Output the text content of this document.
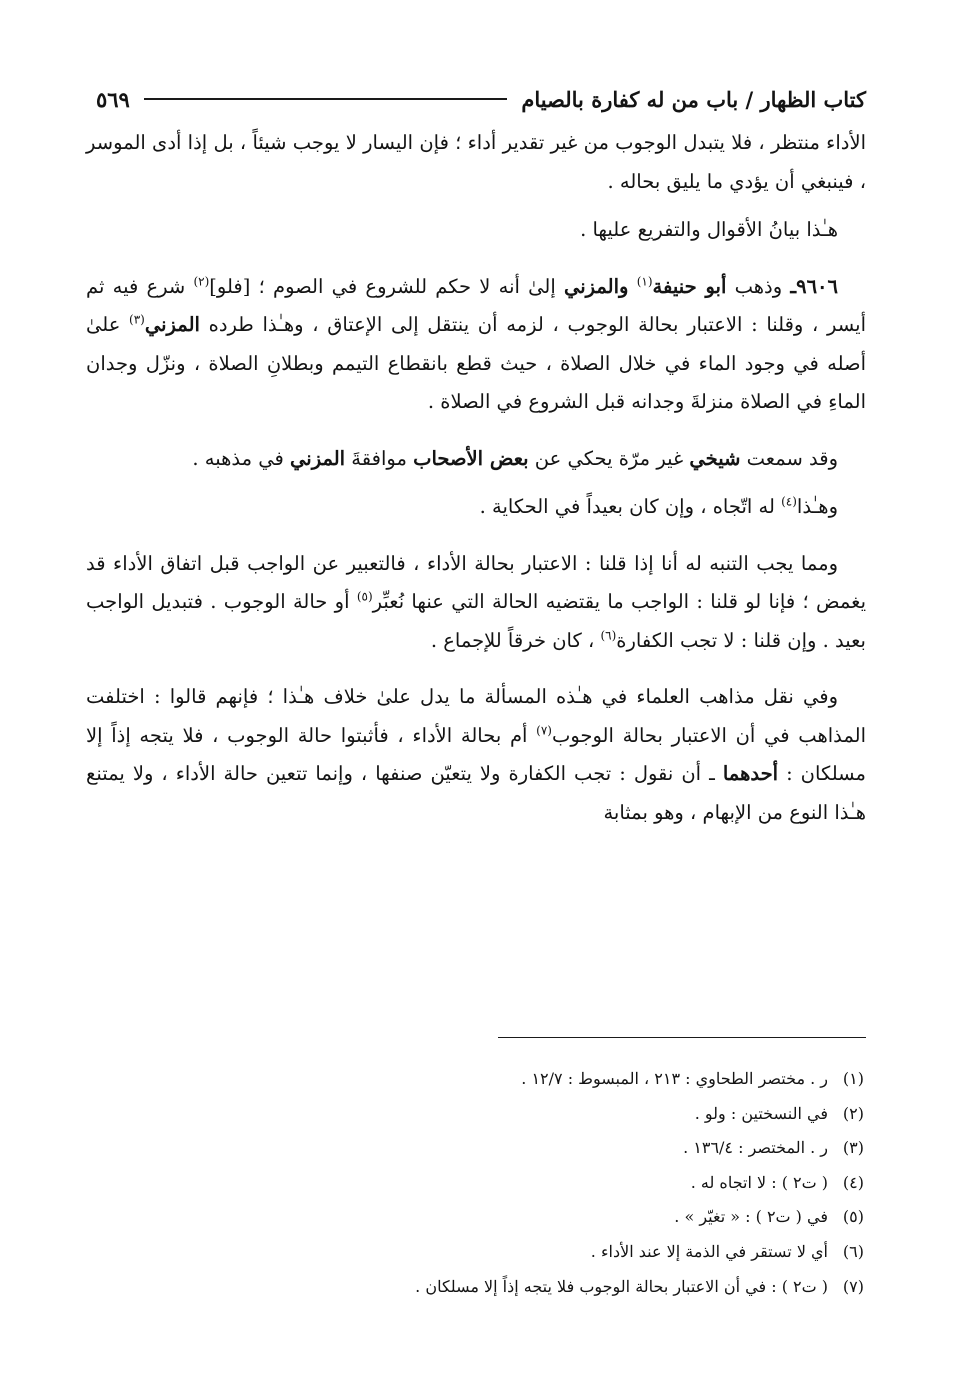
كتاب الظهار / باب من له كفارة بالصيام
٥٦٩

الأداء منتظر ، فلا يتبدل الوجوب من غير تقدير أداء ؛ فإن اليسار لا يوجب شيئاً ، بل إذا أدى الموسر ، فينبغي أن يؤدي ما يليق بحاله .

هـٰذا بيانُ الأقوال والتفريع عليها .

٩٦٠٦ـ وذهب أبو حنيفة$^{(١)}$ والمزني إلىٰ أنه لا حكم للشروع في الصوم ؛ [فلو]$^{(٢)}$ شرع فيه ثم أيسر ، وقلنا : الاعتبار بحالة الوجوب ، لزمه أن ينتقل إلى الإعتاق ، وهـٰذا طرده المزني$^{(٣)}$ علىٰ أصله في وجود الماء في خلال الصلاة ، حيث قطع بانقطاع التيمم وبطلانِ الصلاة ، ونزّل وجدان الماءِ في الصلاة منزلةَ وجدانه قبل الشروع في الصلاة .

وقد سمعت شيخي غير مرّة يحكي عن بعض الأصحاب موافقةَ المزني في مذهبه .

وهـٰذا$^{(٤)}$ له اتّجاه ، وإن كان بعيداً في الحكاية .

ومما يجب التنبه له أنا إذا قلنا : الاعتبار بحالة الأداء ، فالتعبير عن الواجب قبل اتفاق الأداء قد يغمض ؛ فإنا لو قلنا : الواجب ما يقتضيه الحالة التي عنها نُعبِّر$^{(٥)}$ أو حالة الوجوب . فتبديل الواجب بعيد . وإن قلنا : لا تجب الكفارة$^{(٦)}$ ، كان خرقاً للإجماع .

وفي نقل مذاهب العلماء في هـٰذه المسألة ما يدل علىٰ خلاف هـٰذا ؛ فإنهم قالوا : اختلفت المذاهب في أن الاعتبار بحالة الوجوب$^{(٧)}$ أم بحالة الأداء ، فأثبتوا حالة الوجوب ، فلا يتجه إذاً إلا مسلكان : أحدهما ـ أن نقول : تجب الكفارة ولا يتعيّن صنفها ، وإنما تتعين حالة الأداء ، ولا يمتنع هـٰذا النوع من الإبهام ، وهو بمثابة

(١)
ر . مختصر الطحاوي : ٢١٣ ، المبسوط : ١٢/٧ .
(٢)
في النسختين : ولو .
(٣)
ر . المختصر : ١٣٦/٤ .
(٤)
( ت٢ ) : لا اتجاه له .
(٥)
في ( ت٢ ) : « تغيّر » .
(٦)
أي لا تستقر في الذمة إلا عند الأداء .
(٧)
( ت٢ ) : في أن الاعتبار بحالة الوجوب فلا يتجه إذاً إلا مسلكان .
